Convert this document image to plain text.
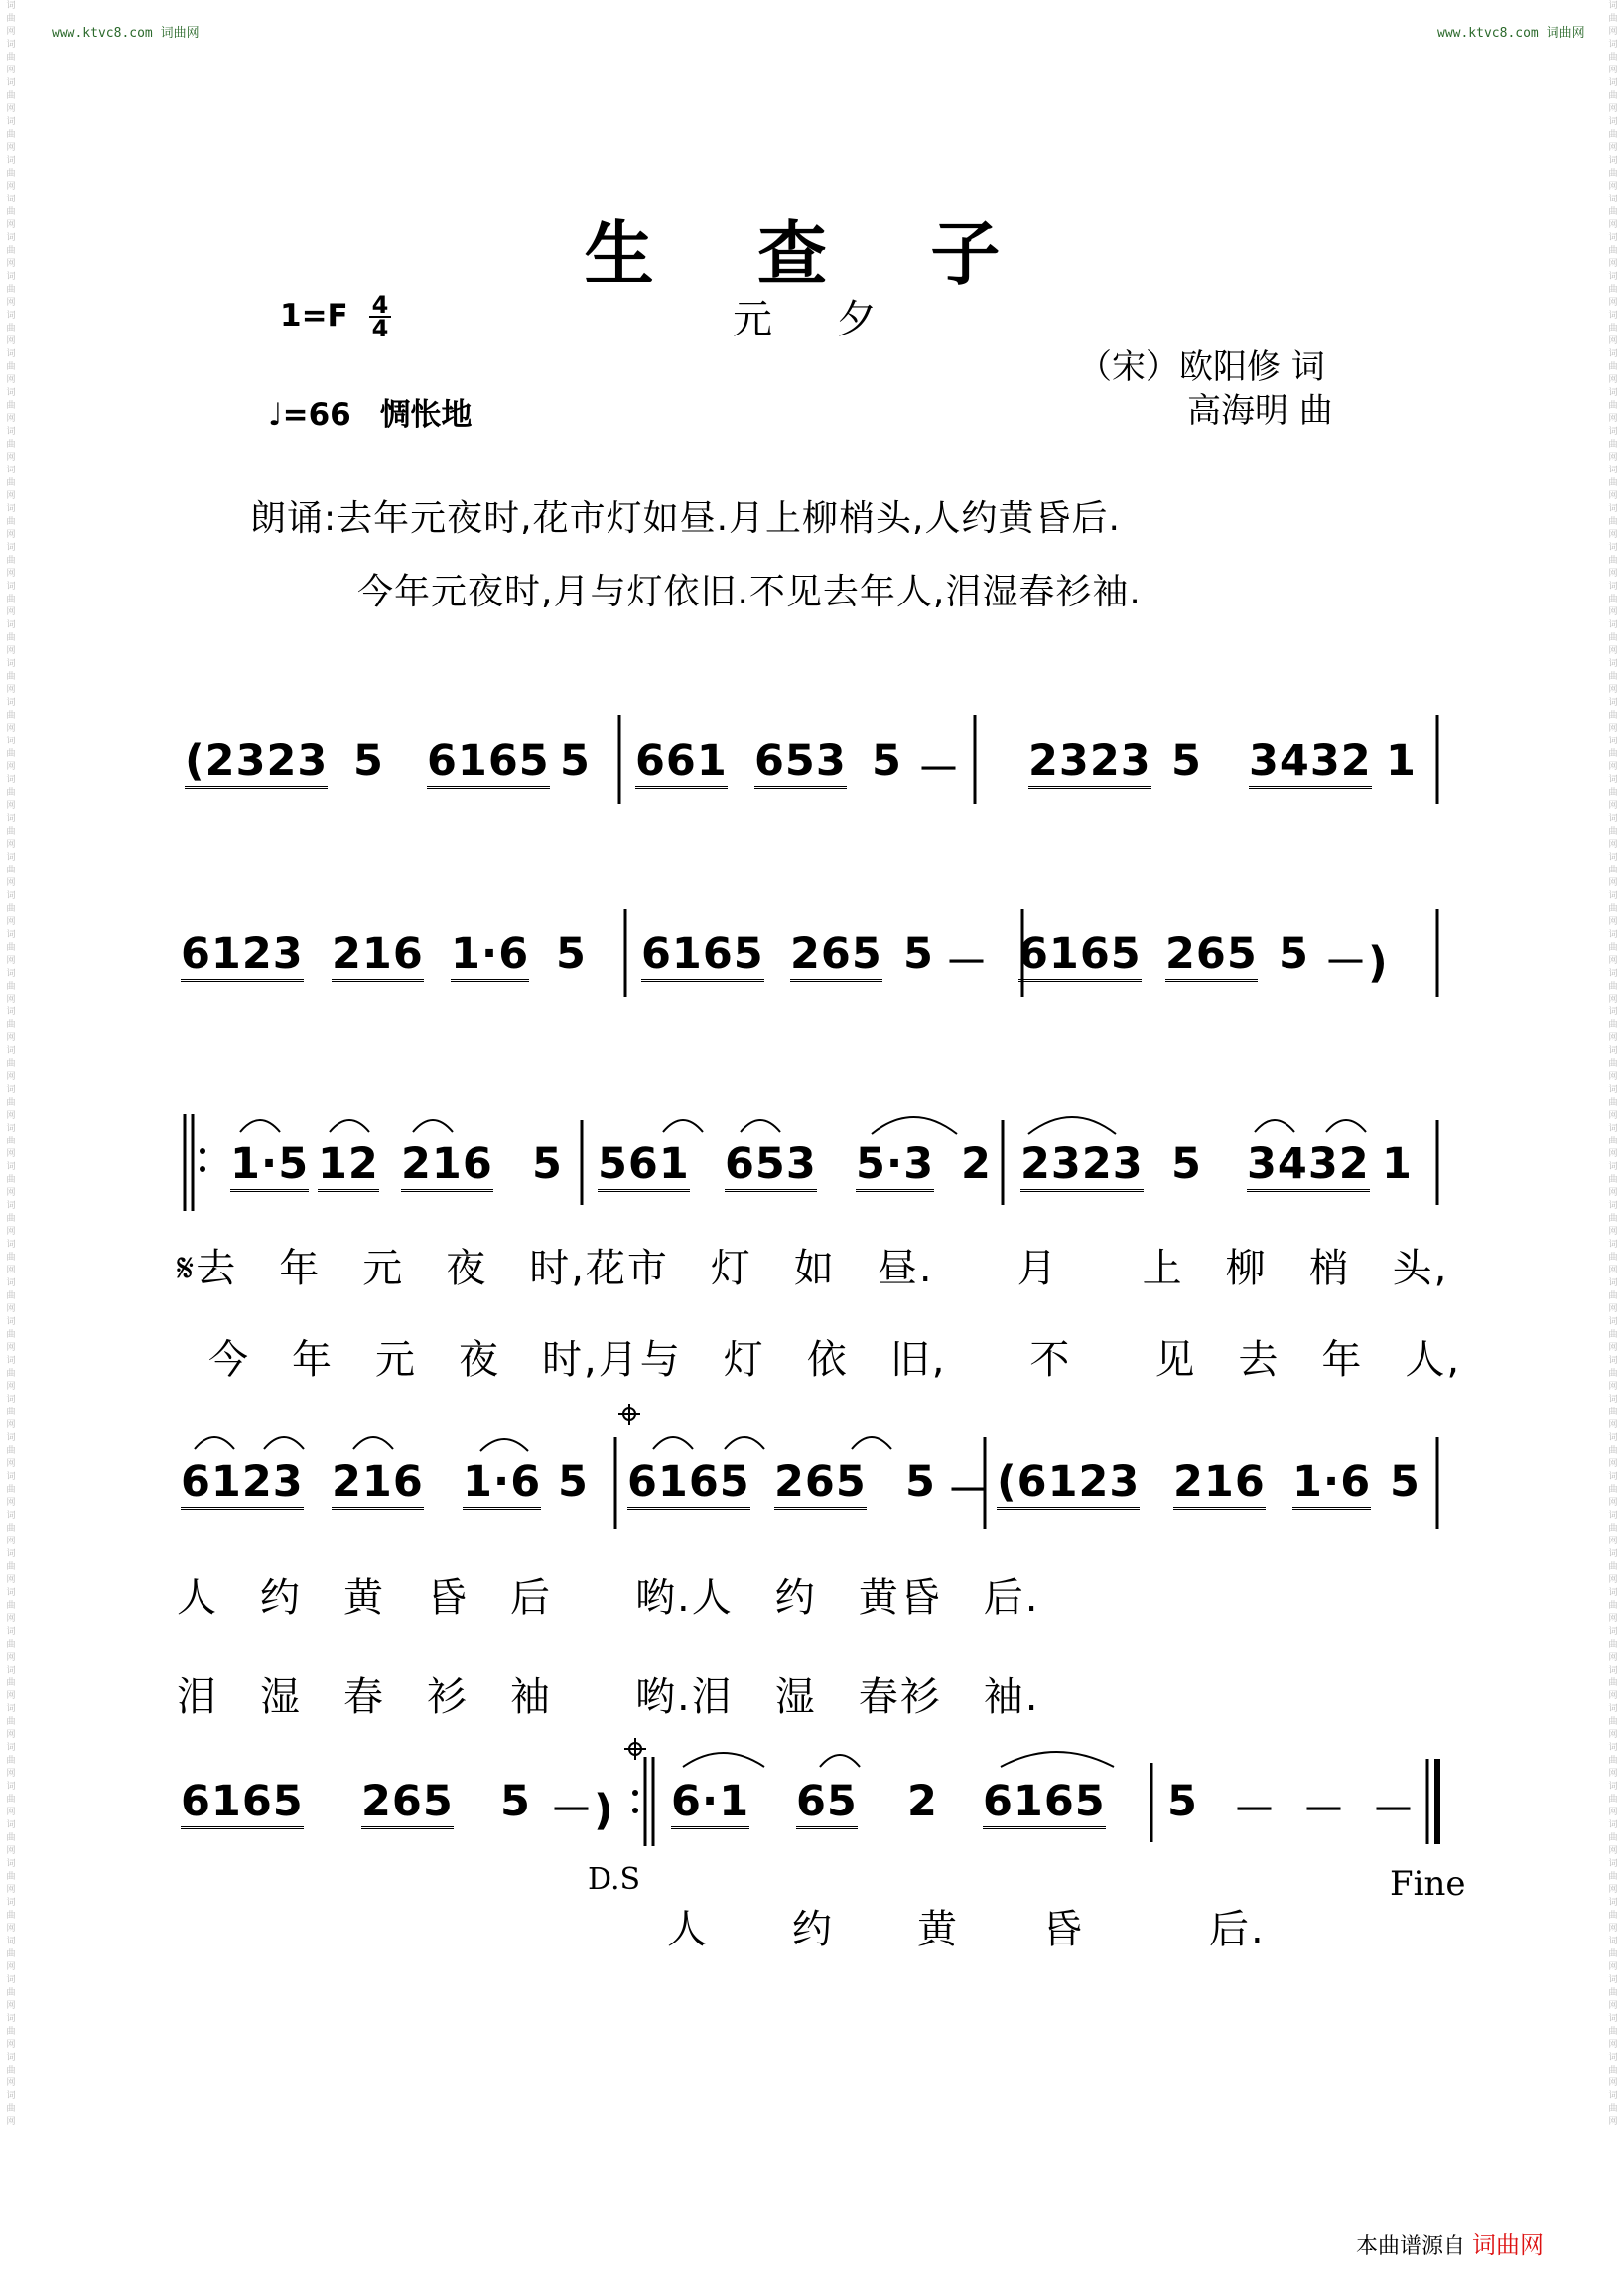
词
曲
网
词
曲
网
词
曲
网
词
曲
网
词
曲
网
词
曲
网
词
曲
网
词
曲
网
词
曲
网
词
曲
网
词
曲
网
词
曲
网
词
曲
网
词
曲
网
词
曲
网
词
曲
网
词
曲
网
词
曲
网
词
曲
网
词
曲
网
词
曲
网
词
曲
网
词
曲
网
词
曲
网
词
曲
网
词
曲
网
词
曲
网
词
曲
网
词
曲
网
词
曲
网
词
曲
网
词
曲
网
词
曲
网
词
曲
网
词
曲
网
词
曲
网
词
曲
网
词
曲
网
词
曲
网
词
曲
网
词
曲
网
词
曲
网
词
曲
网
词
曲
网
词
曲
网
词
曲
网
词
曲
网
词
曲
网
词
曲
网
词
曲
网
词
曲
网
词
曲
网
词
曲
网
词
曲
网
词
曲
网
词
曲
网
词
曲
网
词
曲
网
词
曲
网
词
曲
网
词
曲
网
词
曲
网
词
曲
网
词
曲
网
词
曲
网
词
曲
网
词
曲
网
词
曲
网
词
曲
网
词
曲
网
词
曲
网
词
曲
网
词
曲
网
词
曲
网
词
曲
网
词
曲
网
词
曲
网
词
曲
网
词
曲
网
词
曲
网
词
曲
网
词
曲
网
词
曲
网
词
曲
网
词
曲
网
词
曲
网
词
曲
网
词
曲
网
词
曲
网
词
曲
网
词
曲
网
词
曲
网
词
曲
网
词
曲
网
词
曲
网
词
曲
网
词
曲
网
词
曲
网
词
曲
网
词
曲
网
词
曲
网
词
曲
网
词
曲
网
词
曲
网
词
曲
网
词
曲
网
词
曲
网
词
曲
网
词
曲
网
词
曲
网
www.ktvc8.com 词曲网	www.ktvc8.com 词曲网
生 查 子
元 夕
1=F 4
4
♩=66 惆怅地
（宋）欧阳修 词
高海明 曲
朗诵:去年元夜时,花市灯如昼.月上柳梢头,人约黄昏后.
今年元夜时,月与灯依旧.不见去年人,泪湿春衫袖.
(2323 5 6165 5 661 653 5 － 2323 5 3432 1
6123 216 1·6 5 6165 265 5 － 6165 265 5 －)
1·5 12 216 5 561 653 5·3 2 2323 5 3432 1
6123 216 1·6 5 6165 265 5 － (6123 216 1·6 5
6165 265 5 －) 6·1 65 2 6165 5 － － －
𝄋去　年　元　夜　时,花市　灯　如　昼.　　月　　上　柳　梢　头,
今　年　元　夜　时,月与　灯　依　旧,　　不　　见　去　年　人,
人　约　黄　昏　后　　哟.人　约　黄昏　后.
泪　湿　春　衫　袖　　哟.泪　湿　春衫　袖.
人　　约　　黄　　昏　　　后.
D.S	Fine
本曲谱源自 词曲网
